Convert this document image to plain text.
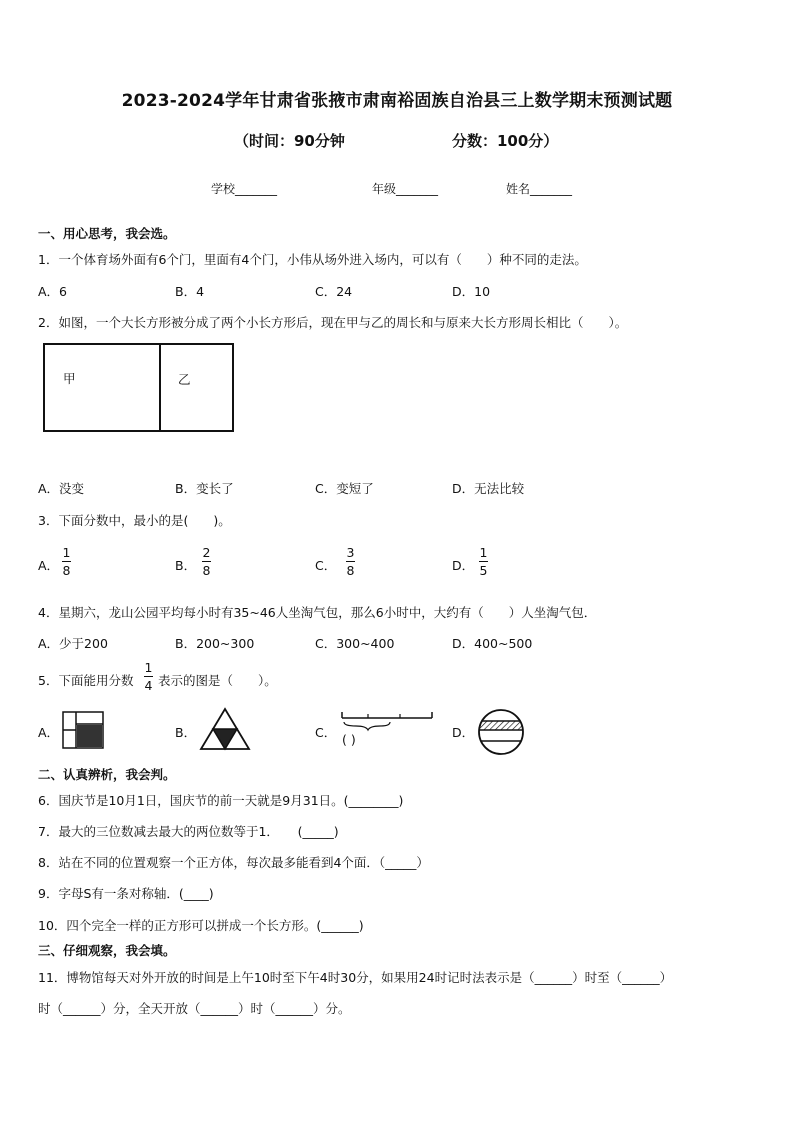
2023-2024学年甘肃省张掖市肃南裕固族自治县三上数学期末预测试题
（时间：90分钟	分数：100分）
学校_______	年级_______	姓名_______
一、用心思考，我会选。
1．一个体育场外面有6个门，里面有4个门，小伟从场外进入场内，可以有（　　）种不同的走法。
A．6	B．4	C．24	D．10
2．如图，一个大长方形被分成了两个小长方形后，现在甲与乙的周长和与原来大长方形周长相比（　　）。
甲	乙
A．没变	B．变长了	C．变短了	D．无法比较
3．下面分数中，最小的是(　　)。
A．
1
8	B．
2
8	C．
3
8	D．
1
5
4．星期六，龙山公园平均每小时有35~46人坐淘气包，那么6小时中，大约有（　　）人坐淘气包．
A．少于200	B．200~300	C．300~400	D．400~500
5．下面能用分数
1
4 表示的图是（　　）。
A．	B．	C． ( )	D．
二、认真辨析，我会判。
6．国庆节是10月1日，国庆节的前一天就是9月31日。(________)
7．最大的三位数减去最大的两位数等于1．　　(_____)
8．站在不同的位置观察一个正方体，每次最多能看到4个面．（_____）
9．字母S有一条对称轴．(____)
10．四个完全一样的正方形可以拼成一个长方形。(______)
三、仔细观察，我会填。
11．博物馆每天对外开放的时间是上午10时至下午4时30分，如果用24时记时法表示是（______）时至（______）
时（______）分，全天开放（______）时（______）分。
